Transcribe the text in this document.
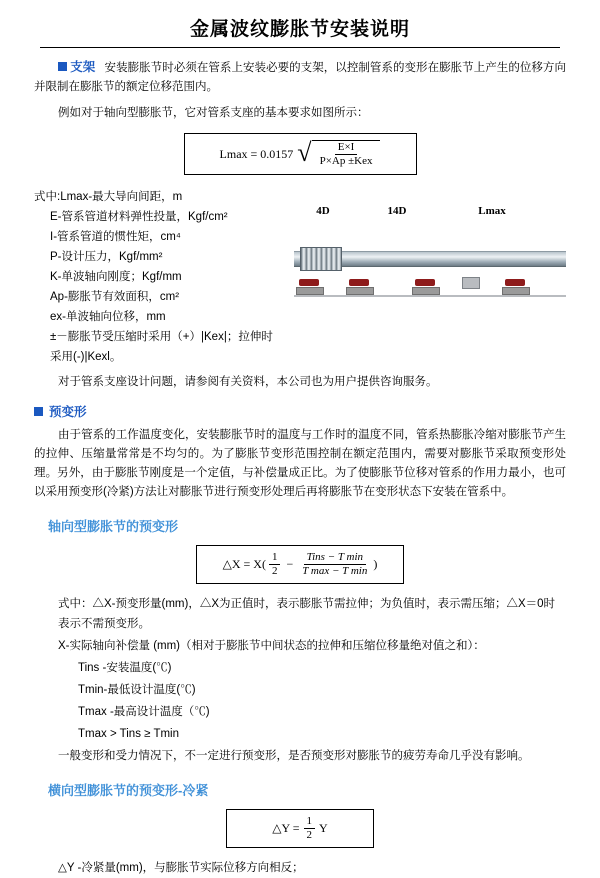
金属波纹膨胀节安装说明

支架 安装膨胀节时必须在管系上安装必要的支架，以控制管系的变形在膨胀节上产生的位移方向并限制在膨胀节的额定位移范围内。

例如对于轴向型膨胀节，它对管系支座的基本要求如图所示：

Lmax = 0.0157 √ $\frac{E\times I}{\text{P×Ap ±Kex}}$
式中:Lmax-最大导向间距，m
E-管系管道材料弹性投量，Kgf/cm²
I-管系管道的惯性矩，cm⁴
P-设计压力，Kgf/mm²
K-单波轴向刚度；Kgf/mm
Ap-膨胀节有效面积，cm²
ex-单波轴向位移，mm
±－膨胀节受压缩时采用（+）|Kex|；拉伸时采用(-)|Kexl。
4D	14D	Lmax

对于管系支座设计问题，请参阅有关资料，本公司也为用户提供咨询服务。

预变形

由于管系的工作温度变化，安装膨胀节时的温度与工作时的温度不同，管系热膨胀冷缩对膨胀节产生的拉伸、压缩量常常是不均匀的。为了膨胀节变形范围控制在额定范围内，需要对膨胀节采取预变形处理。另外，由于膨胀节刚度是一个定值，与补偿量成正比。为了使膨胀节位移对管系的作用力最小，也可以采用预变形(冷紧)方法让对膨胀节进行预变形处理后再将膨胀节在变形状态下安装在管系中。

轴向型膨胀节的预变形
△X = $X( \frac{1}{2} - \frac{\text{Tins − T min}}{\text{T max − T min}}$ )
式中：△X-预变形量(mm)，△X为正值时，表示膨胀节需拉伸；为负值时，表示需压缩；△X＝0时表示不需预变形。
X-实际轴向补偿量 (mm)（相对于膨胀节中间状态的拉伸和压缩位移量绝对值之和）：
Tins -安装温度(℃)
Tmin-最低设计温度(℃)
Tmax -最高设计温度（℃)
Tmax > Tins ≥ Tmin
一般变形和受力情况下，不一定进行预变形，是否预变形对膨胀节的疲劳寿命几乎没有影响。
横向型膨胀节的预变形-冷紧
△Y = $\frac{1}{2}$ Y
△Y -冷紧量(mm)，与膨胀节实际位移方向相反；
